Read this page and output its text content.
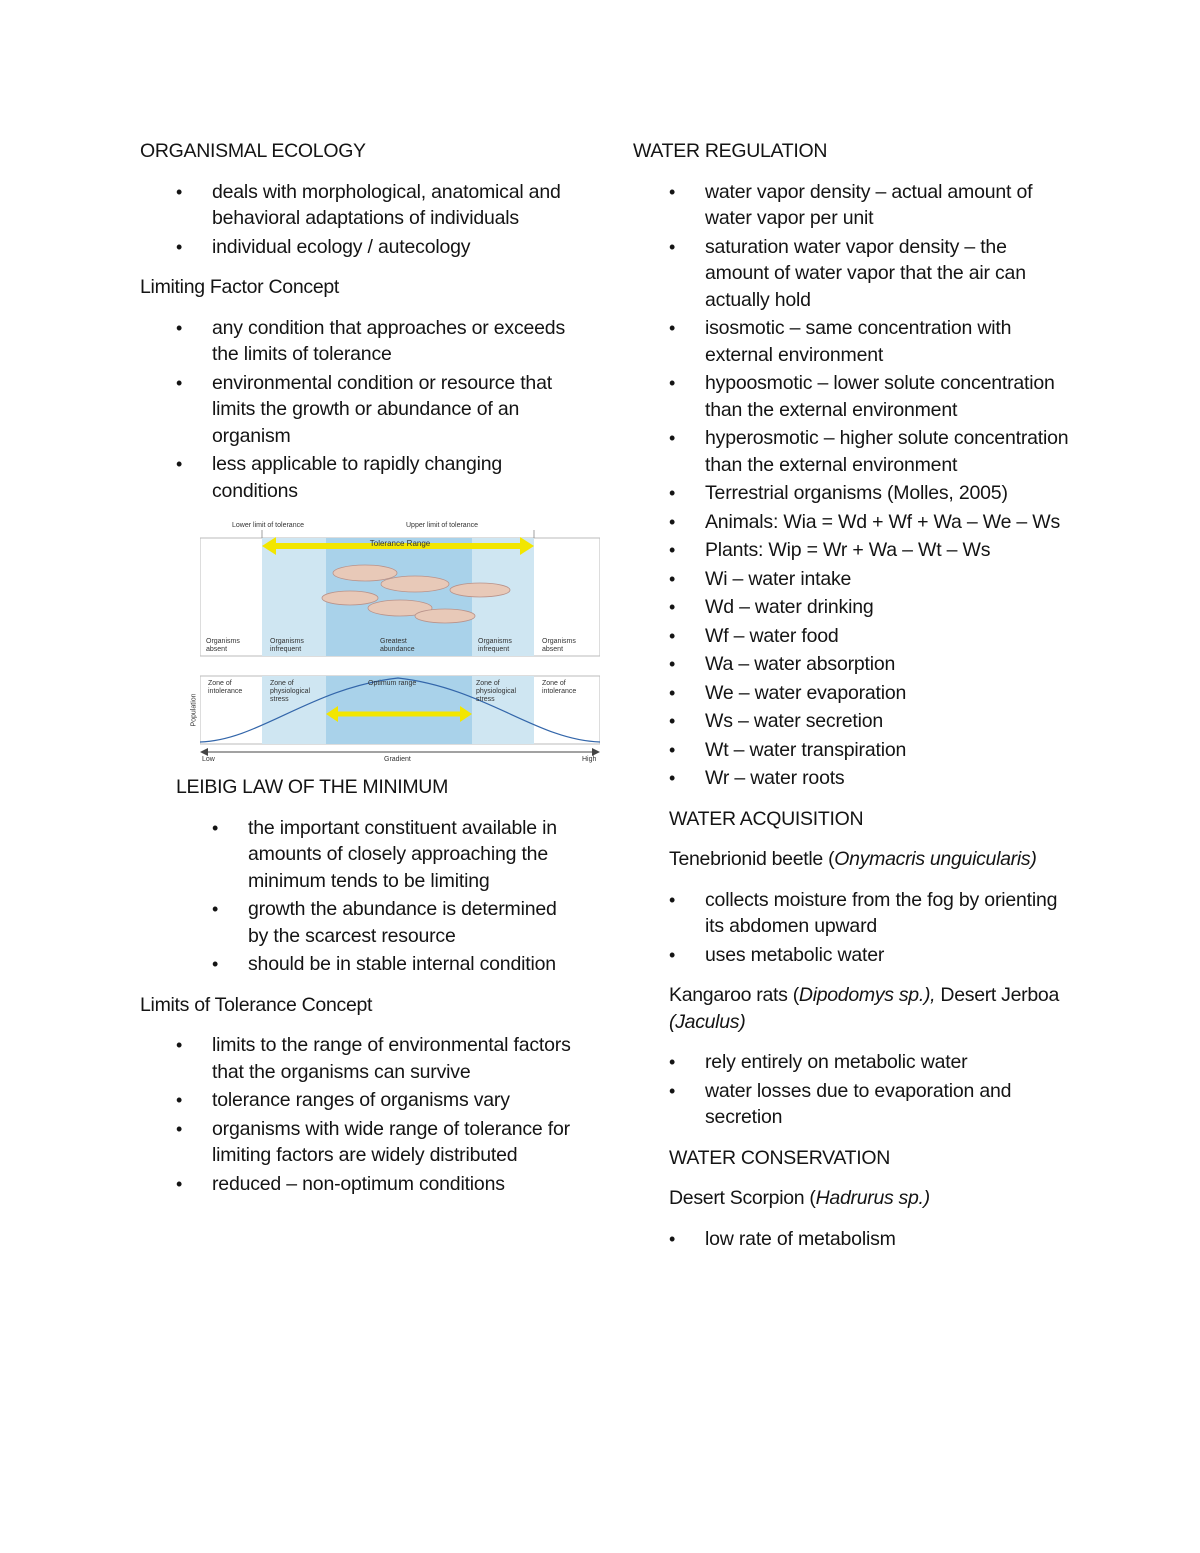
ORGANISMAL ECOLOGY

• deals with morphological, anatomical and behavioral adaptations of individuals
• individual ecology / autecology

Limiting Factor Concept

• any condition that approaches or exceeds the limits of tolerance
• environmental condition or resource that limits the growth or abundance of an organism
• less applicable to rapidly changing conditions
Lower limit of tolerance	Upper limit of tolerance
Tolerance Range
Organisms absent
Organisms infrequent
Greatest abundance
Organisms infrequent
Organisms absent
Zone of intolerance
Zone of physiological stress
Optimum range	Zone of physiological stress
Zone of intolerance
Population
Low	Gradient	High

LEIBIG LAW OF THE MINIMUM

• the important constituent available in amounts of closely approaching the minimum tends to be limiting
• growth the abundance is determined by the scarcest resource
• should be in stable internal condition

Limits of Tolerance Concept

• limits to the range of environmental factors that the organisms can survive
• tolerance ranges of organisms vary
• organisms with wide range of tolerance for limiting factors are widely distributed
• reduced – non-optimum conditions

WATER REGULATION

• water vapor density – actual amount of water vapor per unit
• saturation water vapor density – the amount of water vapor that the air can actually hold
• isosmotic – same concentration with external environment
• hypoosmotic – lower solute concentration than the external environment
• hyperosmotic – higher solute concentration than the external environment
• Terrestrial organisms (Molles, 2005)
• Animals: Wia = Wd + Wf + Wa – We – Ws
• Plants: Wip = Wr + Wa – Wt – Ws
• Wi – water intake
• Wd – water drinking
• Wf – water food
• Wa – water absorption
• We – water evaporation
• Ws – water secretion
• Wt – water transpiration
• Wr – water roots

WATER ACQUISITION

Tenebrionid beetle (Onymacris unguicularis)

• collects moisture from the fog by orienting its abdomen upward
• uses metabolic water

Kangaroo rats (Dipodomys sp.), Desert Jerboa (Jaculus)

• rely entirely on metabolic water
• water losses due to evaporation and secretion

WATER CONSERVATION

Desert Scorpion (Hadrurus sp.)

• low rate of metabolism
